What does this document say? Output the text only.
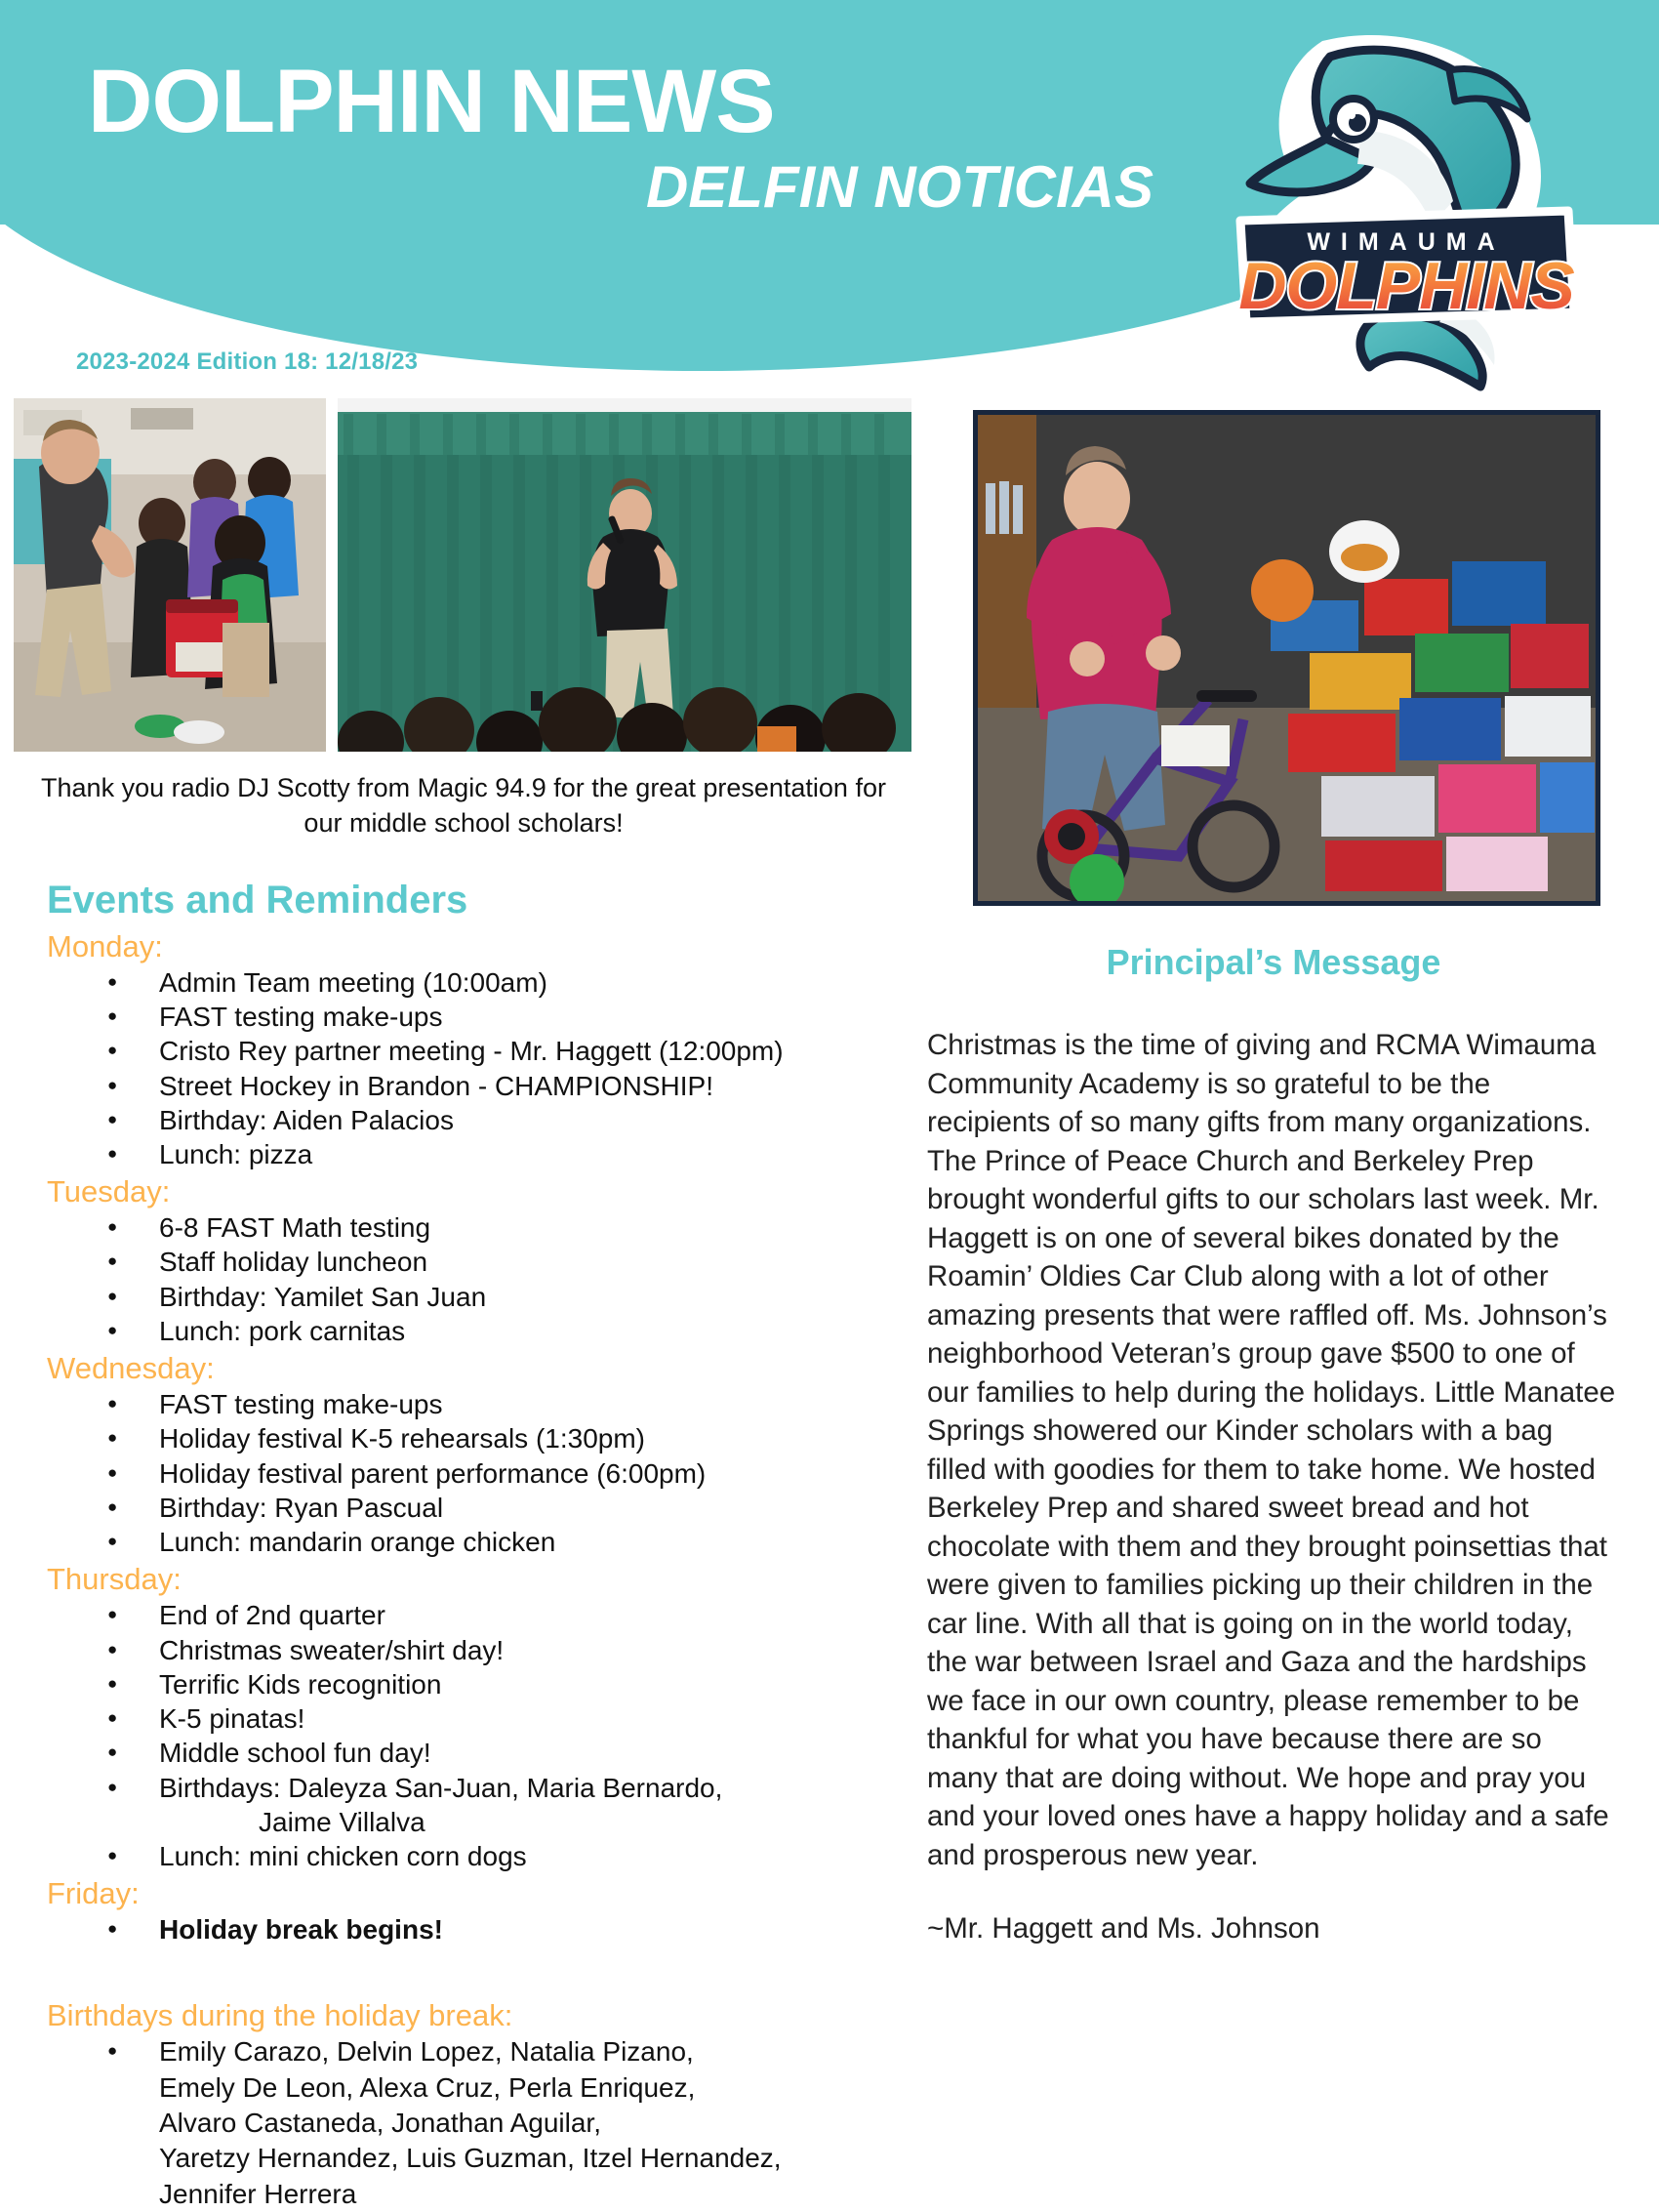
DOLPHIN NEWS
DELFIN NOTICIAS
2023-2024 Edition 18: 12/18/23
WIMAUMA
DOLPHINS
Thank you radio DJ Scotty from Magic 94.9 for the great presentation for our middle school scholars!
Events and Reminders
Monday:
● Admin Team meeting (10:00am)
● FAST testing make-ups
● Cristo Rey partner meeting - Mr. Haggett (12:00pm)
● Street Hockey in Brandon - CHAMPIONSHIP!
● Birthday: Aiden Palacios
● Lunch: pizza
Tuesday:
● 6-8 FAST Math testing
● Staff holiday luncheon
● Birthday: Yamilet San Juan
● Lunch: pork carnitas
Wednesday:
● FAST testing make-ups
● Holiday festival K-5 rehearsals (1:30pm)
● Holiday festival parent performance (6:00pm)
● Birthday: Ryan Pascual
● Lunch: mandarin orange chicken
Thursday:
● End of 2nd quarter
● Christmas sweater/shirt day!
● Terrific Kids recognition
● K-5 pinatas!
● Middle school fun day!
● Birthdays: Daleyza San-Juan, Maria Bernardo,
Jaime Villalva
● Lunch: mini chicken corn dogs
Friday:
● Holiday break begins!
Birthdays during the holiday break:
● Emily Carazo, Delvin Lopez, Natalia Pizano,
Emely De Leon, Alexa Cruz, Perla Enriquez,
Alvaro Castaneda, Jonathan Aguilar,
Yaretzy Hernandez, Luis Guzman, Itzel Hernandez,
Jennifer Herrera
Principal’s Message
Christmas is the time of giving and RCMA Wimauma Community Academy is so grateful to be the recipients of so many gifts from many organizations. The Prince of Peace Church and Berkeley Prep brought wonderful gifts to our scholars last week. Mr. Haggett is on one of several bikes donated by the Roamin’ Oldies Car Club along with a lot of other amazing presents that were raffled off. Ms. Johnson’s neighborhood Veteran’s group gave $500 to one of our families to help during the holidays. Little Manatee Springs showered our Kinder scholars with a bag filled with goodies for them to take home. We hosted Berkeley Prep and shared sweet bread and hot chocolate with them and they brought poinsettias that were given to families picking up their children in the car line. With all that is going on in the world today, the war between Israel and Gaza and the hardships we face in our own country, please remember to be thankful for what you have because there are so many that are doing without. We hope and pray you and your loved ones have a happy holiday and a safe and prosperous new year.
~Mr. Haggett and Ms. Johnson
